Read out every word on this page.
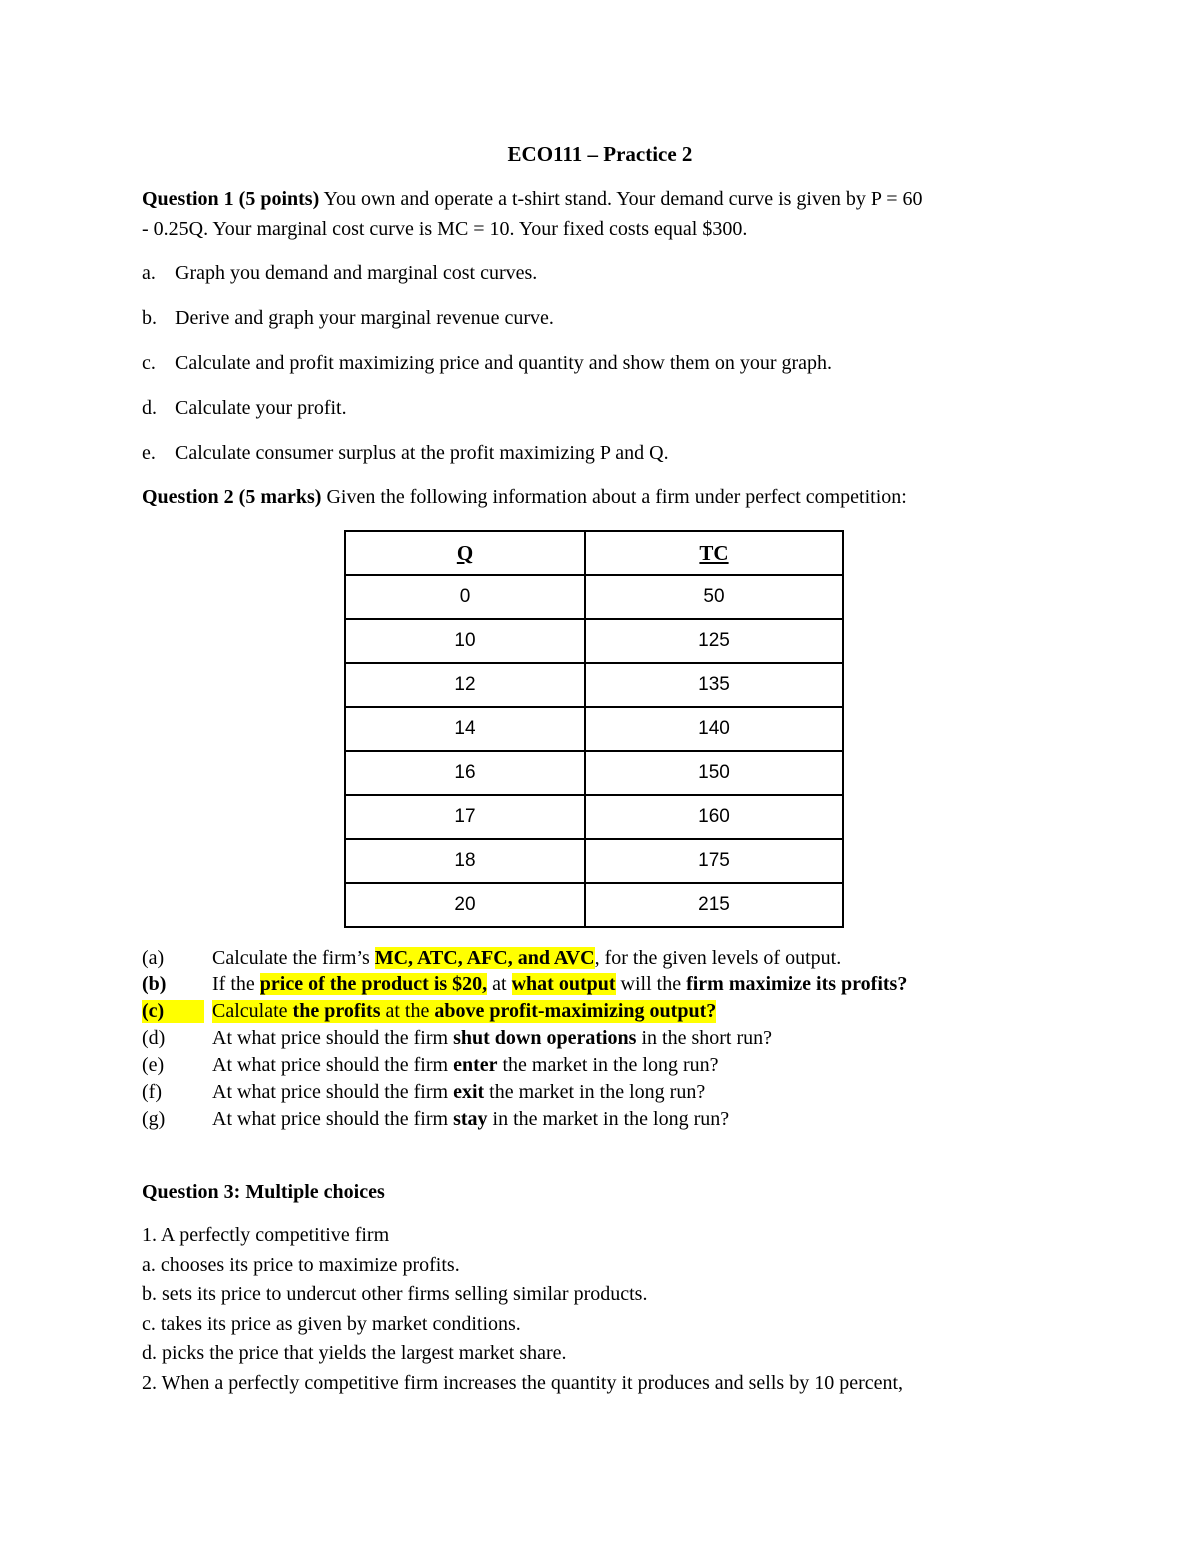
ECO111 – Practice 2
Question 1 (5 points) You own and operate a t-shirt stand. Your demand curve is given by P = 60
- 0.25Q. Your marginal cost curve is MC = 10. Your fixed costs equal $300.
a. Graph you demand and marginal cost curves.
b. Derive and graph your marginal revenue curve.
c. Calculate and profit maximizing price and quantity and show them on your graph.
d. Calculate your profit.
e. Calculate consumer surplus at the profit maximizing P and Q.
Question 2 (5 marks) Given the following information about a firm under perfect competition:
Q	TC
0	50
10	125
12	135
14	140
16	150
17	160
18	175
20	215
(a) Calculate the firm’s MC, ATC, AFC, and AVC, for the given levels of output.
(b) If the price of the product is $20, at what output will the firm maximize its profits?
(c)	Calculate the profits at the above profit-maximizing output?
(d) At what price should the firm shut down operations in the short run?
(e) At what price should the firm enter the market in the long run?
(f)	At what price should the firm exit the market in the long run?
(g) At what price should the firm stay in the market in the long run?
Question 3: Multiple choices
1. A perfectly competitive firm
a. chooses its price to maximize profits.
b. sets its price to undercut other firms selling similar products.
c. takes its price as given by market conditions.
d. picks the price that yields the largest market share.
2. When a perfectly competitive firm increases the quantity it produces and sells by 10 percent,
